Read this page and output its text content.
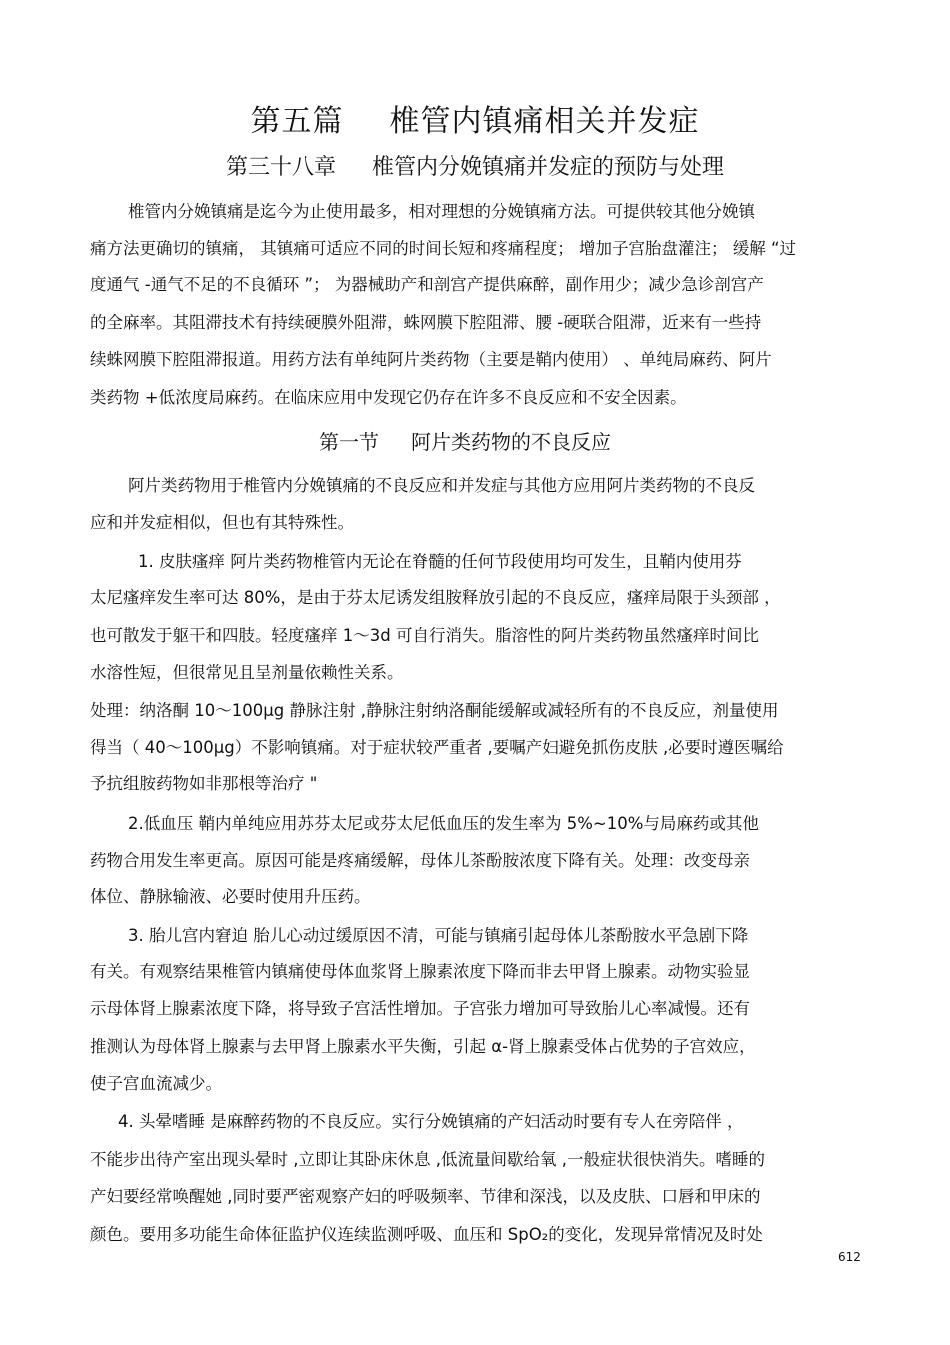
第五篇 椎管内镇痛相关并发症
第三十八章 椎管内分娩镇痛并发症的预防与处理
椎管内分娩镇痛是迄今为止使用最多，相对理想的分娩镇痛方法。可提供较其他分娩镇
痛方法更确切的镇痛， 其镇痛可适应不同的时间长短和疼痛程度； 增加子宫胎盘灌注； 缓解 “过
度通气 -通气不足的不良循环 ”； 为器械助产和剖宫产提供麻醉，副作用少；减少急诊剖宫产
的全麻率。其阻滞技术有持续硬膜外阻滞，蛛网膜下腔阻滞、腰 -硬联合阻滞，近来有一些持
续蛛网膜下腔阻滞报道。用药方法有单纯阿片类药物（主要是鞘内使用） 、单纯局麻药、阿片
类药物 +低浓度局麻药。在临床应用中发现它仍存在许多不良反应和不安全因素。
第一节 阿片类药物的不良反应
阿片类药物用于椎管内分娩镇痛的不良反应和并发症与其他方应用阿片类药物的不良反
应和并发症相似，但也有其特殊性。
1. 皮肤瘙痒 阿片类药物椎管内无论在脊髓的任何节段使用均可发生，且鞘内使用芬
太尼瘙痒发生率可达 80%，是由于芬太尼诱发组胺释放引起的不良反应，瘙痒局限于头颈部 ，
也可散发于躯干和四肢。轻度瘙痒 1～3d 可自行消失。脂溶性的阿片类药物虽然瘙痒时间比
水溶性短，但很常见且呈剂量依赖性关系。
处理：纳洛酮 10～100μg 静脉注射 ,静脉注射纳洛酮能缓解或减轻所有的不良反应，剂量使用
得当（ 40～100μg）不影响镇痛。对于症状较严重者 ,要嘱产妇避免抓伤皮肤 ,必要时遵医嘱给
予抗组胺药物如非那根等治疗 "
2.低血压 鞘内单纯应用苏芬太尼或芬太尼低血压的发生率为 5%~10%与局麻药或其他
药物合用发生率更高。原因可能是疼痛缓解，母体儿茶酚胺浓度下降有关。处理：改变母亲
体位、静脉输液、必要时使用升压药。
3. 胎儿宫内窘迫 胎儿心动过缓原因不清，可能与镇痛引起母体儿茶酚胺水平急剧下降
有关。有观察结果椎管内镇痛使母体血浆肾上腺素浓度下降而非去甲肾上腺素。动物实验显
示母体肾上腺素浓度下降，将导致子宫活性增加。子宫张力增加可导致胎儿心率减慢。还有
推测认为母体肾上腺素与去甲肾上腺素水平失衡，引起 α-肾上腺素受体占优势的子宫效应，
使子宫血流减少。
4. 头晕嗜睡 是麻醉药物的不良反应。实行分娩镇痛的产妇活动时要有专人在旁陪伴 ，
不能步出待产室出现头晕时 ,立即让其卧床休息 ,低流量间歇给氧 ,一般症状很快消失。嗜睡的
产妇要经常唤醒她 ,同时要严密观察产妇的呼吸频率、节律和深浅，以及皮肤、口唇和甲床的
颜色。要用多功能生命体征监护仪连续监测呼吸、血压和 SpO₂的变化，发现异常情况及时处
612
